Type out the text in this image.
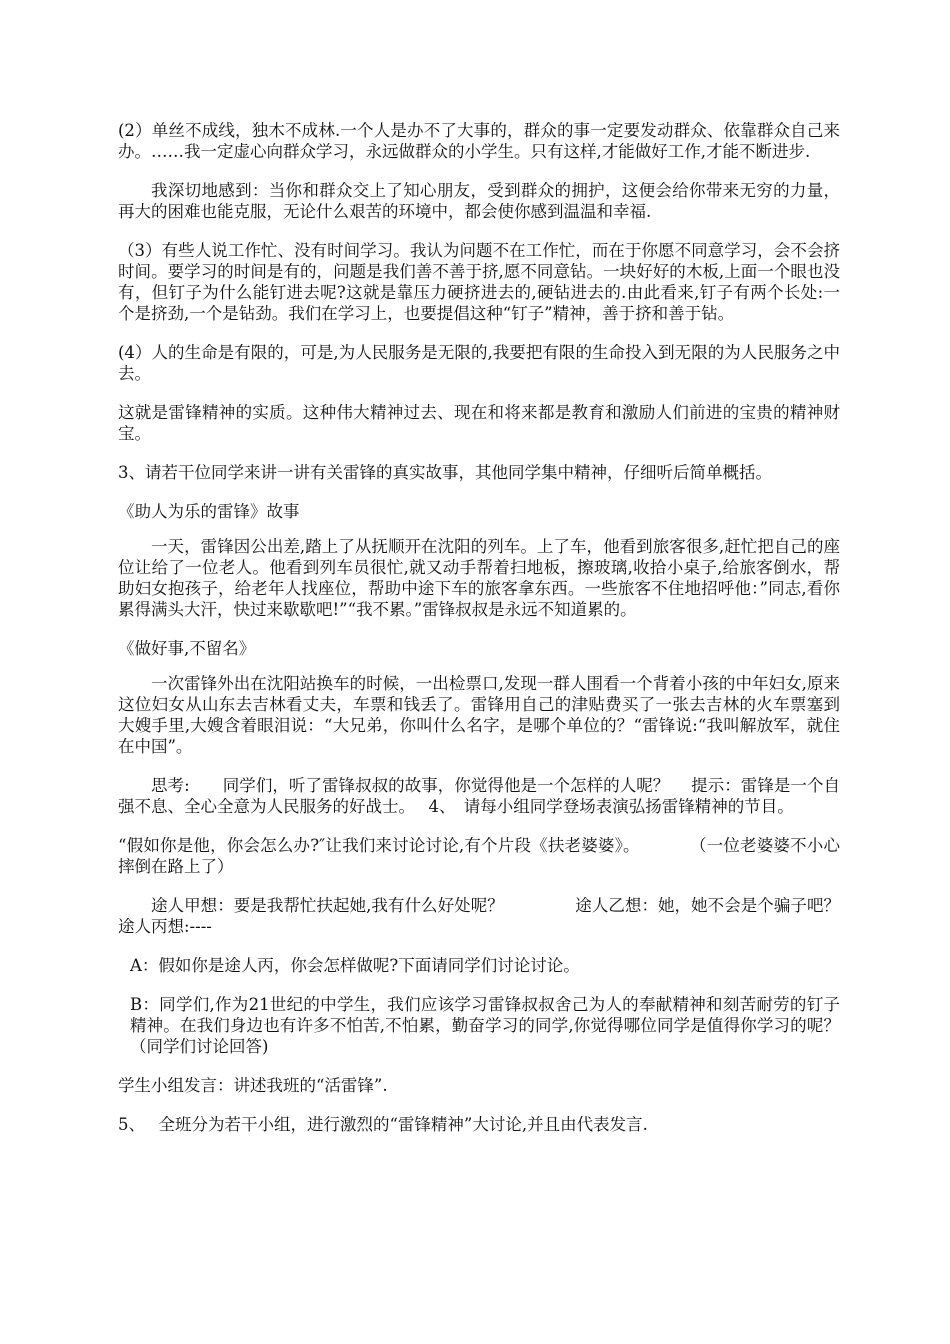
(2）单丝不成线，独木不成林.一个人是办不了大事的，群众的事一定要发动群众、依靠群众自己来办。……我一定虚心向群众学习，永远做群众的小学生。只有这样,才能做好工作,才能不断进步.

我深切地感到：当你和群众交上了知心朋友，受到群众的拥护，这便会给你带来无穷的力量，再大的困难也能克服，无论什么艰苦的环境中，都会使你感到温温和幸福.

（3）有些人说工作忙、没有时间学习。我认为问题不在工作忙，而在于你愿不同意学习，会不会挤时间。要学习的时间是有的，问题是我们善不善于挤,愿不同意钻。一块好好的木板,上面一个眼也没有，但钉子为什么能钉进去呢?这就是靠压力硬挤进去的,硬钻进去的.由此看来,钉子有两个长处:一个是挤劲,一个是钻劲。我们在学习上，也要提倡这种“钉子”精神，善于挤和善于钻。

(4）人的生命是有限的，可是,为人民服务是无限的,我要把有限的生命投入到无限的为人民服务之中去。

这就是雷锋精神的实质。这种伟大精神过去、现在和将来都是教育和激励人们前进的宝贵的精神财宝。

3、请若干位同学来讲一讲有关雷锋的真实故事，其他同学集中精神，仔细听后简单概括。

《助人为乐的雷锋》故事

一天，雷锋因公出差,踏上了从抚顺开在沈阳的列车。上了车，他看到旅客很多,赶忙把自己的座位让给了一位老人。他看到列车员很忙,就又动手帮着扫地板，擦玻璃,收拾小桌子,给旅客倒水，帮助妇女抱孩子，给老年人找座位，帮助中途下车的旅客拿东西。一些旅客不住地招呼他：”同志,看你累得满头大汗，快过来歇歇吧!”“我不累。”雷锋叔叔是永远不知道累的。

《做好事,不留名》

一次雷锋外出在沈阳站换车的时候，一出检票口,发现一群人围看一个背着小孩的中年妇女,原来这位妇女从山东去吉林看丈夫，车票和钱丢了。雷锋用自己的津贴费买了一张去吉林的火车票塞到大嫂手里,大嫂含着眼泪说：“大兄弟，你叫什么名字，是哪个单位的？“雷锋说:“我叫解放军，就住在中国”。

思考:　　同学们，听了雷锋叔叔的故事，你觉得他是一个怎样的人呢？　 提示：雷锋是一个自强不息、全心全意为人民服务的好战士。　 4、　请每小组同学登场表演弘扬雷锋精神的节目。

“假如你是他，你会怎么办?″让我们来讨论讨论,有个片段《扶老婆婆》。　　　　（一位老婆婆不小心摔倒在路上了）

途人甲想：要是我帮忙扶起她,我有什么好处呢？　　　　 途人乙想：她，她不会是个骗子吧？　　　　　 途人丙想:----

A：假如你是途人丙，你会怎样做呢?下面请同学们讨论讨论。

B：同学们,作为21世纪的中学生，我们应该学习雷锋叔叔舍己为人的奉献精神和刻苦耐劳的钉子精神。在我们身边也有许多不怕苦,不怕累，勤奋学习的同学,你觉得哪位同学是值得你学习的呢？（同学们讨论回答)

学生小组发言：讲述我班的“活雷锋”.

5、　 全班分为若干小组，进行激烈的“雷锋精神”大讨论,并且由代表发言.
